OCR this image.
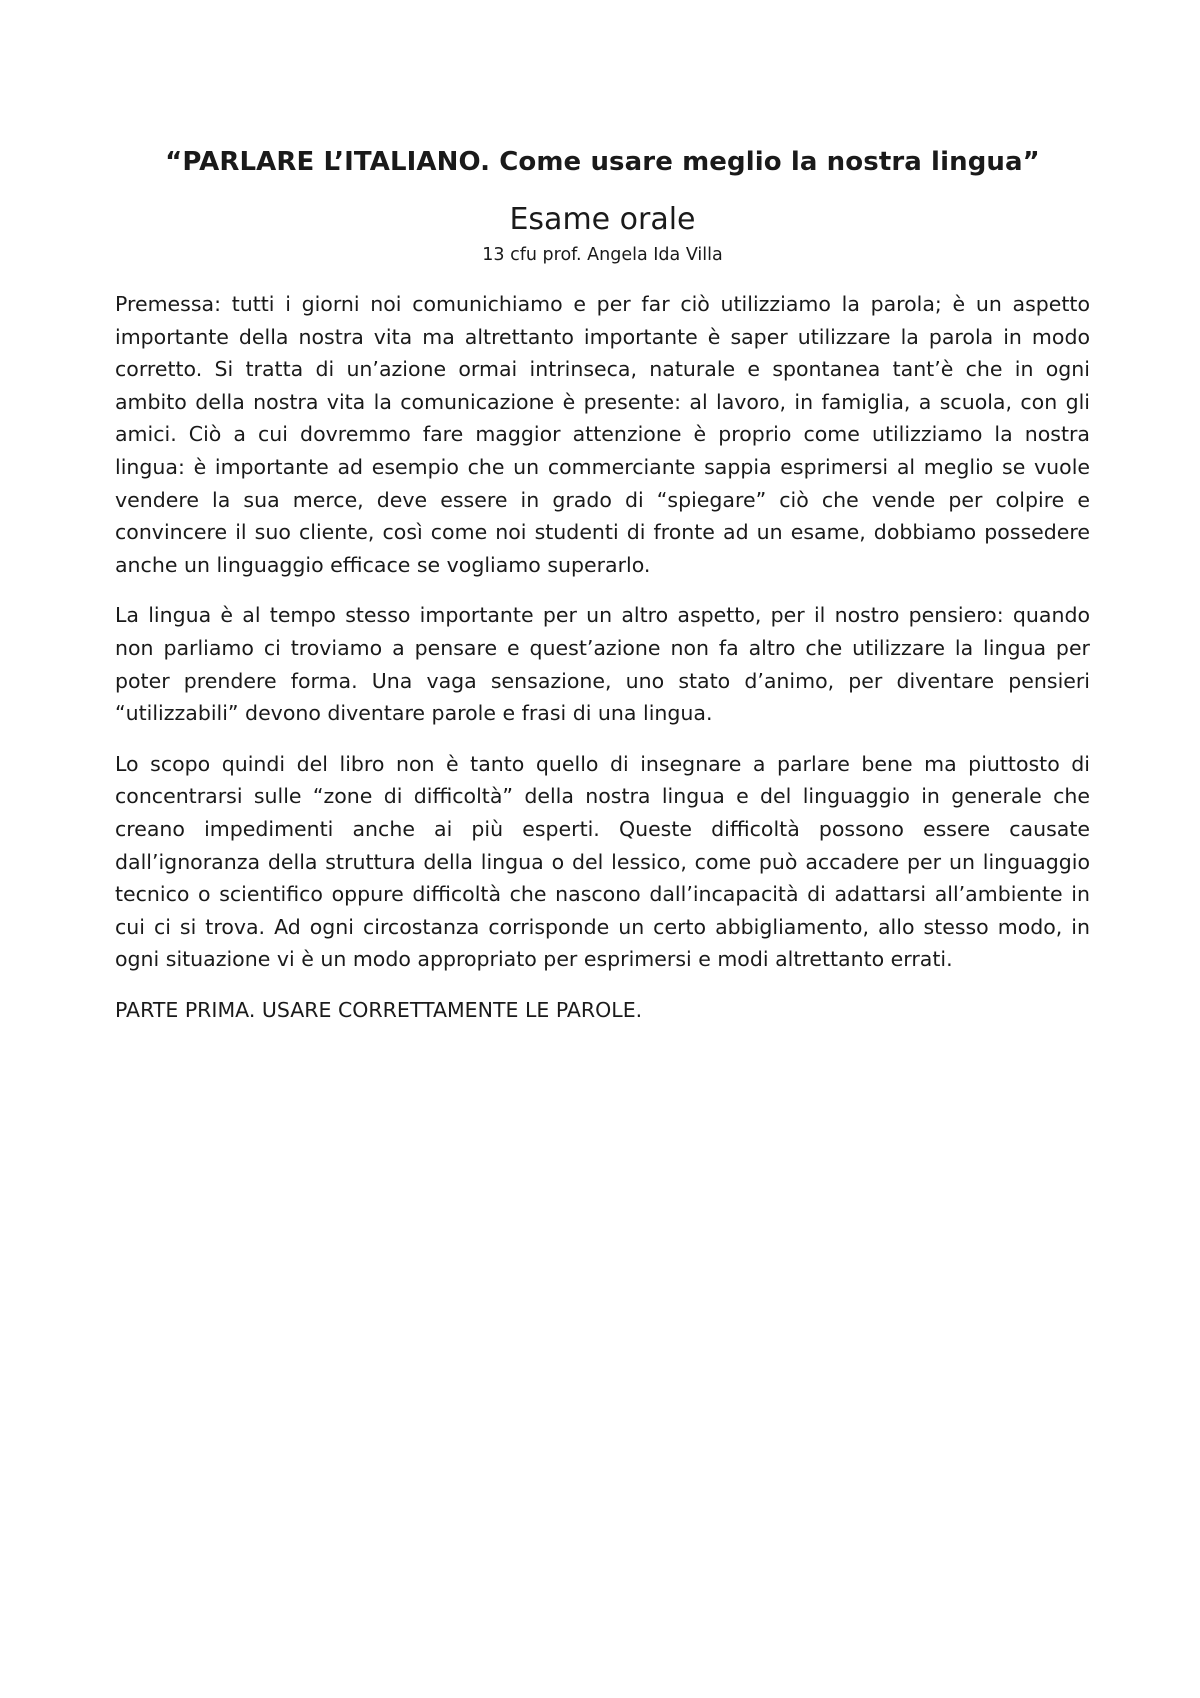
“PARLARE L’ITALIANO. Come usare meglio la nostra lingua”
Esame orale
13 cfu prof. Angela Ida Villa

Premessa: tutti i giorni noi comunichiamo e per far ciò utilizziamo la parola; è un aspetto importante della nostra vita ma altrettanto importante è saper utilizzare la parola in modo corretto. Si tratta di un’azione ormai intrinseca, naturale e spontanea tant’è che in ogni ambito della nostra vita la comunicazione è presente: al lavoro, in famiglia, a scuola, con gli amici. Ciò a cui dovremmo fare maggior attenzione è proprio come utilizziamo la nostra lingua: è importante ad esempio che un commerciante sappia esprimersi al meglio se vuole vendere la sua merce, deve essere in grado di “spiegare” ciò che vende per colpire e convincere il suo cliente, così come noi studenti di fronte ad un esame, dobbiamo possedere anche un linguaggio efficace se vogliamo superarlo.

La lingua è al tempo stesso importante per un altro aspetto, per il nostro pensiero: quando non parliamo ci troviamo a pensare e quest’azione non fa altro che utilizzare la lingua per poter prendere forma. Una vaga sensazione, uno stato d’animo, per diventare pensieri “utilizzabili” devono diventare parole e frasi di una lingua.

Lo scopo quindi del libro non è tanto quello di insegnare a parlare bene ma piuttosto di concentrarsi sulle “zone di difficoltà” della nostra lingua e del linguaggio in generale che creano impedimenti anche ai più esperti. Queste difficoltà possono essere causate dall’ignoranza della struttura della lingua o del lessico, come può accadere per un linguaggio tecnico o scientifico oppure difficoltà che nascono dall’incapacità di adattarsi all’ambiente in cui ci si trova. Ad ogni circostanza corrisponde un certo abbigliamento, allo stesso modo, in ogni situazione vi è un modo appropriato per esprimersi e modi altrettanto errati.

PARTE PRIMA. USARE CORRETTAMENTE LE PAROLE.
